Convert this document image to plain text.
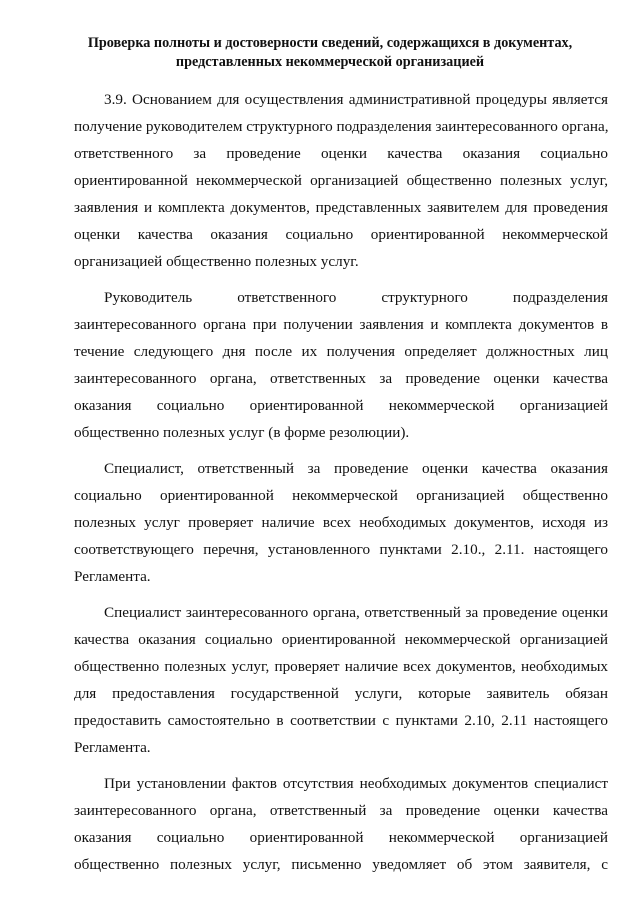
Проверка полноты и достоверности сведений, содержащихся в документах,
представленных некоммерческой организацией
3.9. Основанием для осуществления административной процедуры является
получение руководителем структурного подразделения заинтересованного органа,
ответственного за проведение оценки качества оказания социально
ориентированной некоммерческой организацией общественно полезных услуг,
заявления и комплекта документов, представленных заявителем для проведения
оценки качества оказания социально ориентированной некоммерческой
организацией общественно полезных услуг.
Руководитель ответственного структурного подразделения
заинтересованного органа при получении заявления и комплекта документов в
течение следующего дня после их получения определяет должностных лиц
заинтересованного органа, ответственных за проведение оценки качества
оказания социально ориентированной некоммерческой организацией
общественно полезных услуг (в форме резолюции).
Специалист, ответственный за проведение оценки качества оказания
социально ориентированной некоммерческой организацией общественно
полезных услуг проверяет наличие всех необходимых документов, исходя из
соответствующего перечня, установленного пунктами 2.10., 2.11. настоящего
Регламента.
Специалист заинтересованного органа, ответственный за проведение оценки
качества оказания социально ориентированной некоммерческой организацией
общественно полезных услуг, проверяет наличие всех документов, необходимых
для предоставления государственной услуги, которые заявитель обязан
предоставить самостоятельно в соответствии с пунктами 2.10, 2.11 настоящего
Регламента.
При установлении фактов отсутствия необходимых документов специалист
заинтересованного органа, ответственный за проведение оценки качества
оказания социально ориентированной некоммерческой организацией
общественно полезных услуг, письменно уведомляет об этом заявителя, с
